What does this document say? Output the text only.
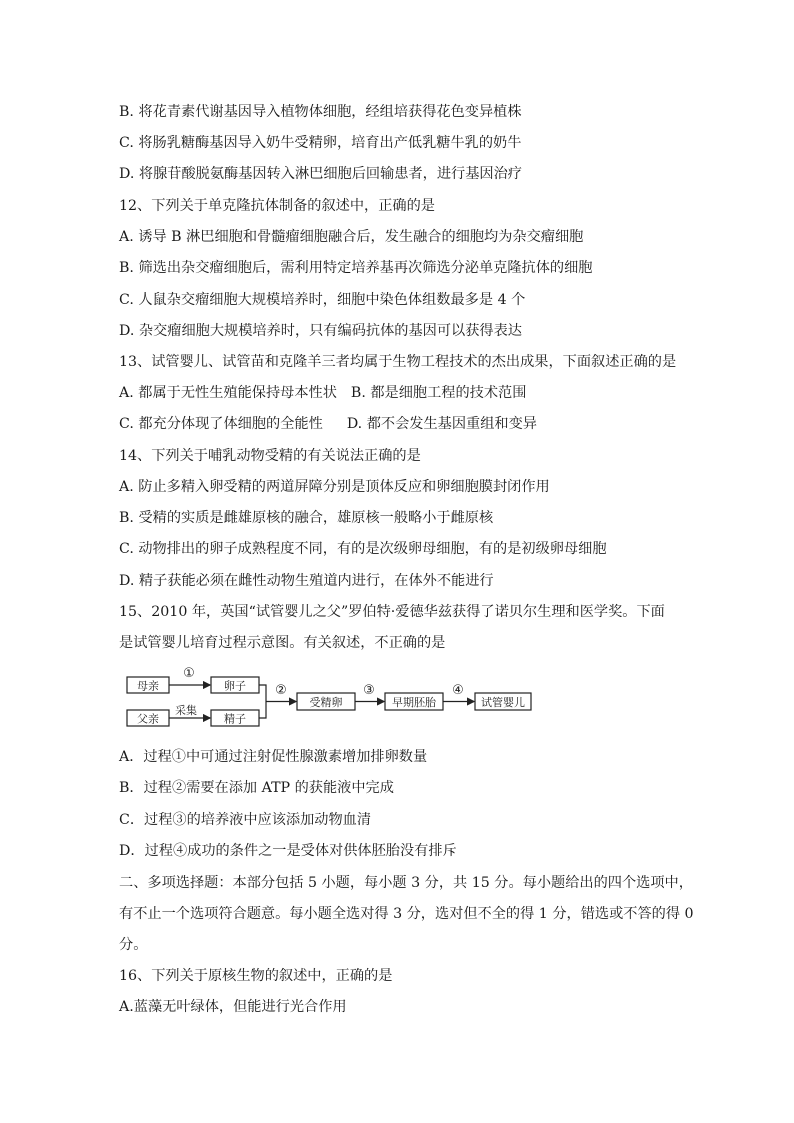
B. 将花青素代谢基因导入植物体细胞，经组培获得花色变异植株
C. 将肠乳糖酶基因导入奶牛受精卵，培育出产低乳糖牛乳的奶牛
D. 将腺苷酸脱氨酶基因转入淋巴细胞后回输患者，进行基因治疗
12、下列关于单克隆抗体制备的叙述中，正确的是
A. 诱导 B 淋巴细胞和骨髓瘤细胞融合后，发生融合的细胞均为杂交瘤细胞
B. 筛选出杂交瘤细胞后，需利用特定培养基再次筛选分泌单克隆抗体的细胞
C. 人鼠杂交瘤细胞大规模培养时，细胞中染色体组数最多是 4 个
D. 杂交瘤细胞大规模培养时，只有编码抗体的基因可以获得表达
13、试管婴儿、试管苗和克隆羊三者均属于生物工程技术的杰出成果，下面叙述正确的是
A. 都属于无性生殖能保持母本性状 B. 都是细胞工程的技术范围
C. 都充分体现了体细胞的全能性 D. 都不会发生基因重组和变异
14、下列关于哺乳动物受精的有关说法正确的是
A. 防止多精入卵受精的两道屏障分别是顶体反应和卵细胞膜封闭作用
B. 受精的实质是雌雄原核的融合，雄原核一般略小于雌原核
C. 动物排出的卵子成熟程度不同，有的是次级卵母细胞，有的是初级卵母细胞
D. 精子获能必须在雌性动物生殖道内进行，在体外不能进行
15、2010 年，英国“试管婴儿之父”罗伯特·爱德华兹获得了诺贝尔生理和医学奖。下面
是试管婴儿培育过程示意图。有关叙述，不正确的是
母亲
父亲
卵子
精子
受精卵	早期胚胎	试管婴儿
采集
①
②	③	④
A．过程①中可通过注射促性腺激素增加排卵数量
B．过程②需要在添加 ATP 的获能液中完成
C．过程③的培养液中应该添加动物血清
D．过程④成功的条件之一是受体对供体胚胎没有排斥
二、多项选择题：本部分包括 5 小题，每小题 3 分，共 15 分。每小题给出的四个选项中，
有不止一个选项符合题意。每小题全选对得 3 分，选对但不全的得 1 分，错选或不答的得 0
分。
16、下列关于原核生物的叙述中，正确的是
A.蓝藻无叶绿体，但能进行光合作用
